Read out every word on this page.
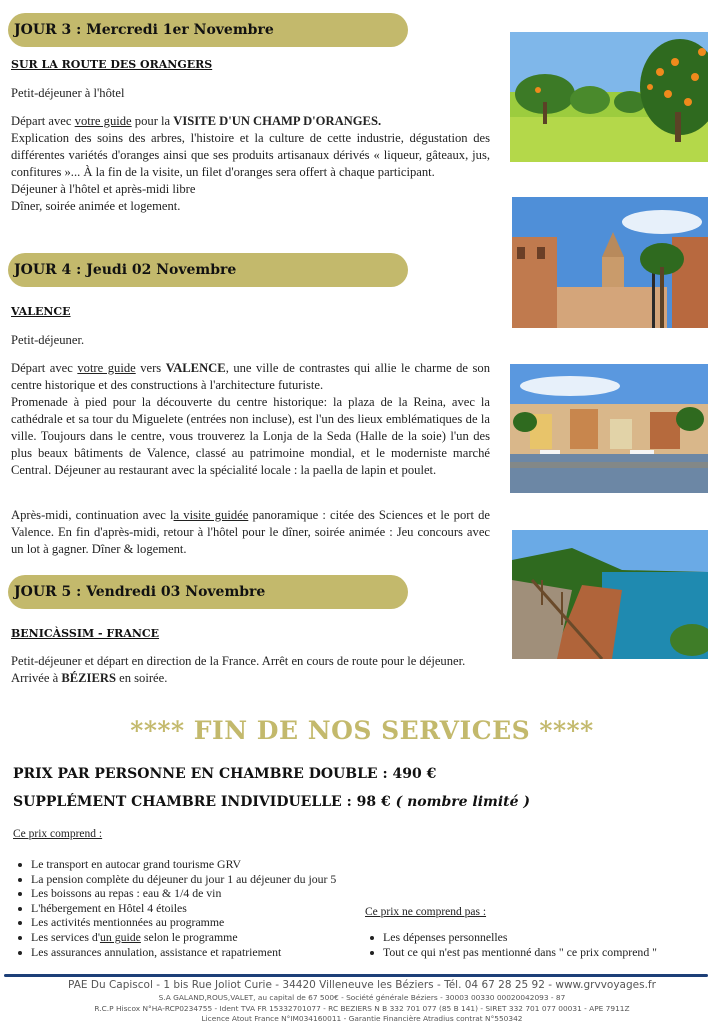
JOUR 3 : Mercredi 1er Novembre
SUR LA ROUTE DES ORANGERS

Petit-déjeuner à l'hôtel

Départ avec votre guide pour la VISITE D'UN CHAMP D'ORANGES.

Explication des soins des arbres, l'histoire et la culture de cette industrie, dégustation des différentes variétés d'oranges ainsi que ses produits artisanaux dérivés « liqueur, gâteaux, jus, confitures »... À la fin de la visite, un filet d'oranges sera offert à chaque participant.

Déjeuner à l'hôtel et après-midi libre

Dîner, soirée animée et logement.

JOUR 4 : Jeudi 02 Novembre
VALENCE

Petit-déjeuner.

Départ avec votre guide vers VALENCE, une ville de contrastes qui allie le charme de son centre historique et des constructions à l'architecture futuriste.

Promenade à pied pour la découverte du centre historique: la plaza de la Reina, avec la cathédrale et sa tour du Miguelete (entrées non incluse), est l'un des lieux emblématiques de la ville. Toujours dans le centre, vous trouverez la Lonja de la Seda (Halle de la soie) l'un des plus beaux bâtiments de Valence, classé au patrimoine mondial, et le moderniste marché Central. Déjeuner au restaurant avec la spécialité locale : la paella de lapin et poulet.

Après-midi, continuation avec la visite guidée panoramique : citée des Sciences et le port de Valence. En fin d'après-midi, retour à l'hôtel pour le dîner, soirée animée : Jeu concours avec un lot à gagner. Dîner & logement.

JOUR 5 : Vendredi 03 Novembre
BENICÀSSIM - FRANCE

Petit-déjeuner et départ en direction de la France. Arrêt en cours de route pour le déjeuner.

Arrivée à BÉZIERS en soirée.

**** FIN DE NOS SERVICES ****
PRIX PAR PERSONNE EN CHAMBRE DOUBLE : 490 €
SUPPLÉMENT CHAMBRE INDIVIDUELLE : 98 € ( nombre limité )
Ce prix comprend :
Le transport en autocar grand tourisme GRV
La pension complète du déjeuner du jour 1 au déjeuner du jour 5
Les boissons au repas : eau & 1/4 de vin
L'hébergement en Hôtel 4 étoiles
Les activités mentionnées au programme
Les services d'un guide selon le programme
Les assurances annulation, assistance et rapatriement
Ce prix ne comprend pas :
Les dépenses personnelles
Tout ce qui n'est pas mentionné dans " ce prix comprend "
PAE Du Capiscol - 1 bis Rue Joliot Curie - 34420 Villeneuve les Béziers - Tél. 04 67 28 25 92 - www.grvvoyages.fr
S.A GALAND,ROUS,VALET, au capital de 67 500€ - Société générale Béziers - 30003 00330 00020042093 - 87
R.C.P Hiscox N°HA-RCP0234755 - Ident TVA FR 15332701077 - RC BEZIERS N B 332 701 077 (85 B 141) - SIRET 332 701 077 00031 - APE 7911Z
Licence Atout France N°IM034160011 - Garantie Financière Atradius contrat N°550342
